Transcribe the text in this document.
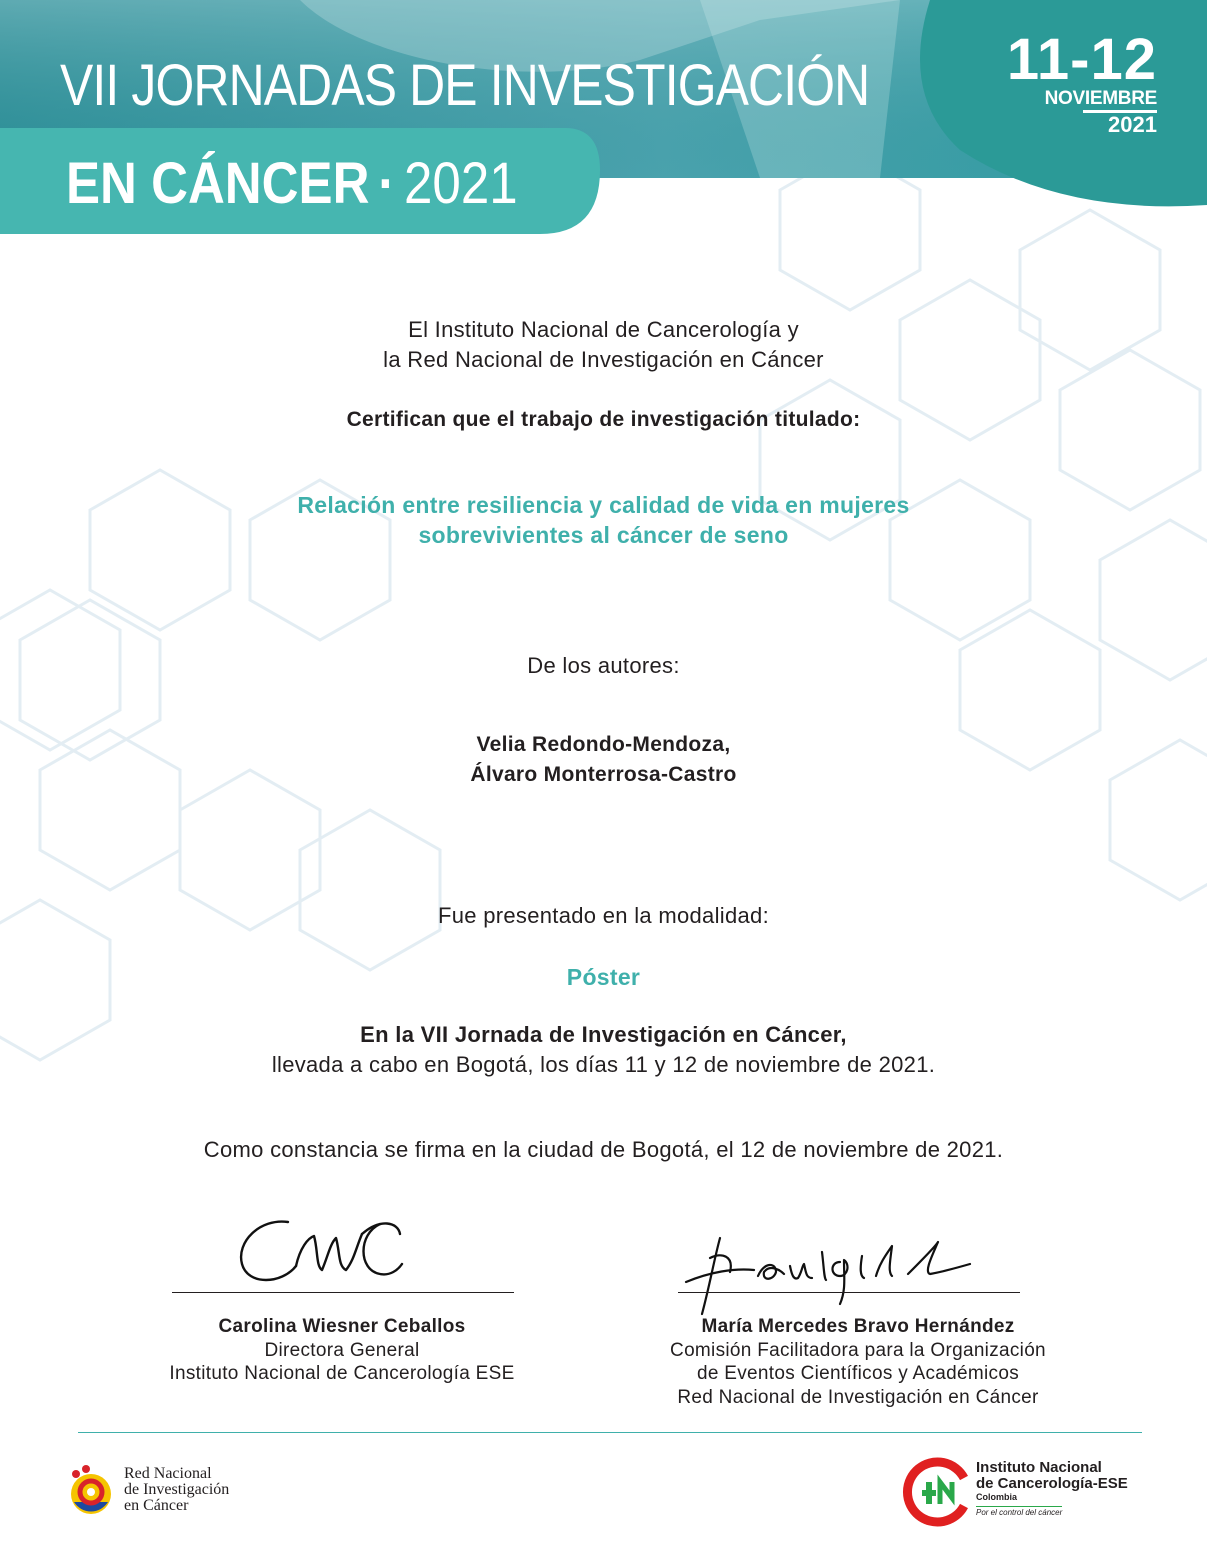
VII JORNADAS DE INVESTIGACIÓN
EN CÁNCER · 2021
11-12
NOVIEMBRE
2021
El Instituto Nacional de Cancerología y
la Red Nacional de Investigación en Cáncer
Certifican que el trabajo de investigación titulado:
Relación entre resiliencia y calidad de vida en mujeres
sobrevivientes al cáncer de seno
De los autores:
Velia Redondo-Mendoza,
Álvaro Monterrosa-Castro
Fue presentado en la modalidad:
Póster
En la VII Jornada de Investigación en Cáncer,
llevada a cabo en Bogotá, los días 11 y 12 de noviembre de 2021.
Como constancia se firma en la ciudad de Bogotá, el 12 de noviembre de 2021.
Carolina Wiesner Ceballos
Directora General
Instituto Nacional de Cancerología ESE
María Mercedes Bravo Hernández
Comisión Facilitadora para la Organización
de Eventos Científicos y Académicos
Red Nacional de Investigación en Cáncer
Red Nacional
de Investigación
en Cáncer
Instituto Nacional
de Cancerología-ESE
Colombia
Por el control del cáncer
